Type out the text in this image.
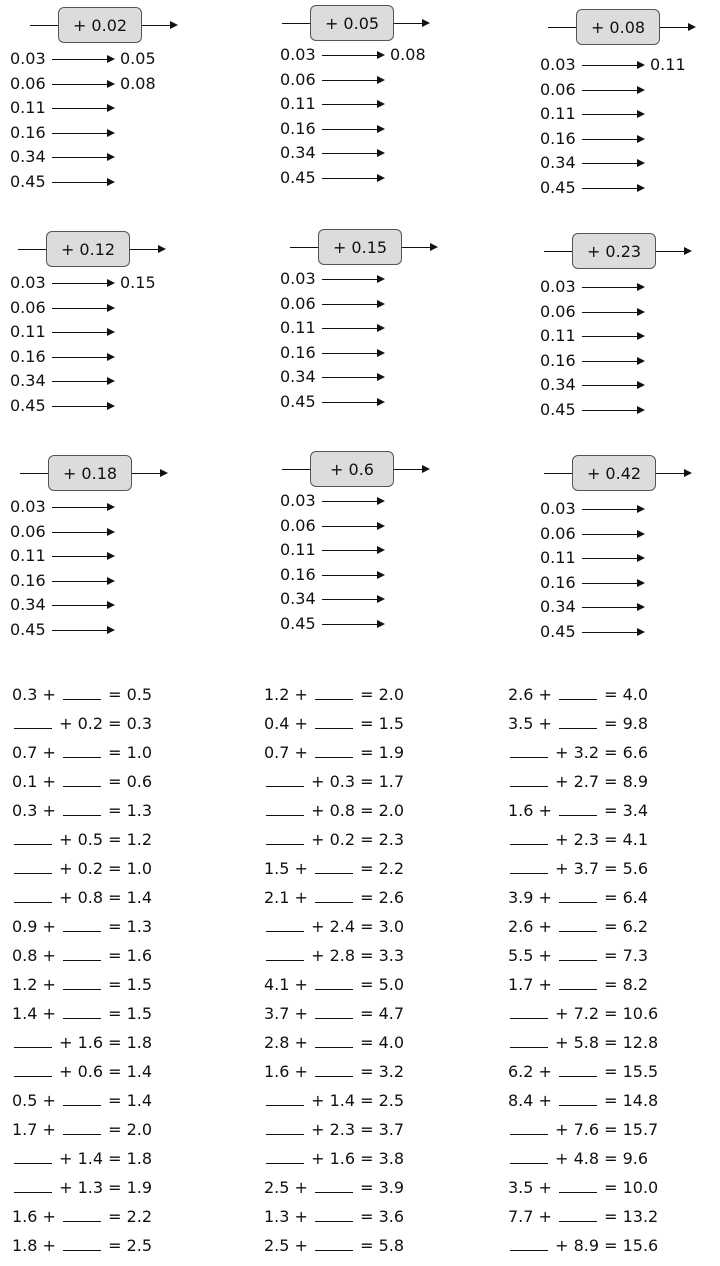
+ 0.02
0.03	0.05
0.06	0.08
0.11
0.16
0.34
0.45
+ 0.05
0.03	0.08
0.06
0.11
0.16
0.34
0.45
+ 0.08
0.03	0.11
0.06
0.11
0.16
0.34
0.45
+ 0.12
0.03	0.15
0.06
0.11
0.16
0.34
0.45
+ 0.15
0.03
0.06
0.11
0.16
0.34
0.45
+ 0.23
0.03
0.06
0.11
0.16
0.34
0.45
+ 0.18
0.03
0.06
0.11
0.16
0.34
0.45
+ 0.6
0.03
0.06
0.11
0.16
0.34
0.45
+ 0.42
0.03
0.06
0.11
0.16
0.34
0.45
0.3 +	= 0.5
+ 0.2 = 0.3
0.7 +	= 1.0
0.1 +	= 0.6
0.3 +	= 1.3
+ 0.5 = 1.2
+ 0.2 = 1.0
+ 0.8 = 1.4
0.9 +	= 1.3
0.8 +	= 1.6
1.2 +	= 1.5
1.4 +	= 1.5
+ 1.6 = 1.8
+ 0.6 = 1.4
0.5 +	= 1.4
1.7 +	= 2.0
+ 1.4 = 1.8
+ 1.3 = 1.9
1.6 +	= 2.2
1.8 +	= 2.5
1.2 +	= 2.0
0.4 +	= 1.5
0.7 +	= 1.9
+ 0.3 = 1.7
+ 0.8 = 2.0
+ 0.2 = 2.3
1.5 +	= 2.2
2.1 +	= 2.6
+ 2.4 = 3.0
+ 2.8 = 3.3
4.1 +	= 5.0
3.7 +	= 4.7
2.8 +	= 4.0
1.6 +	= 3.2
+ 1.4 = 2.5
+ 2.3 = 3.7
+ 1.6 = 3.8
2.5 +	= 3.9
1.3 +	= 3.6
2.5 +	= 5.8
2.6 +	= 4.0
3.5 +	= 9.8
+ 3.2 = 6.6
+ 2.7 = 8.9
1.6 +	= 3.4
+ 2.3 = 4.1
+ 3.7 = 5.6
3.9 +	= 6.4
2.6 +	= 6.2
5.5 +	= 7.3
1.7 +	= 8.2
+ 7.2 = 10.6
+ 5.8 = 12.8
6.2 +	= 15.5
8.4 +	= 14.8
+ 7.6 = 15.7
+ 4.8 = 9.6
3.5 +	= 10.0
7.7 +	= 13.2
+ 8.9 = 15.6
